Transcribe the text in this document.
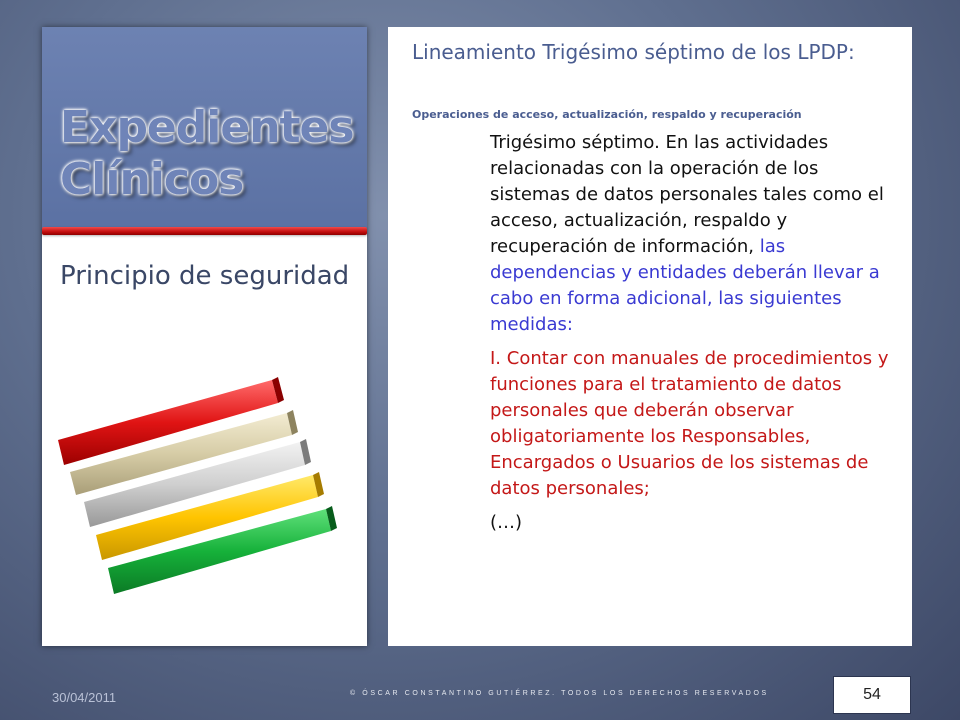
Expedientes
Clínicos
Principio de seguridad
Lineamiento Trigésimo séptimo de los LPDP:
Operaciones de acceso, actualización, respaldo y recuperación

Trigésimo séptimo. En las actividades relacionadas con la operación de los sistemas de datos personales tales como el acceso, actualización, respaldo y recuperación de información, las dependencias y entidades deberán llevar a cabo en forma adicional, las siguientes medidas:

I. Contar con manuales de procedimientos y funciones para el tratamiento de datos personales que deberán observar obligatoriamente los Responsables, Encargados o Usuarios de los sistemas de datos personales;

(…)

30/04/2011	© ÓSCAR CONSTANTINO GUTIÉRREZ. TODOS LOS DERECHOS RESERVADOS	54
